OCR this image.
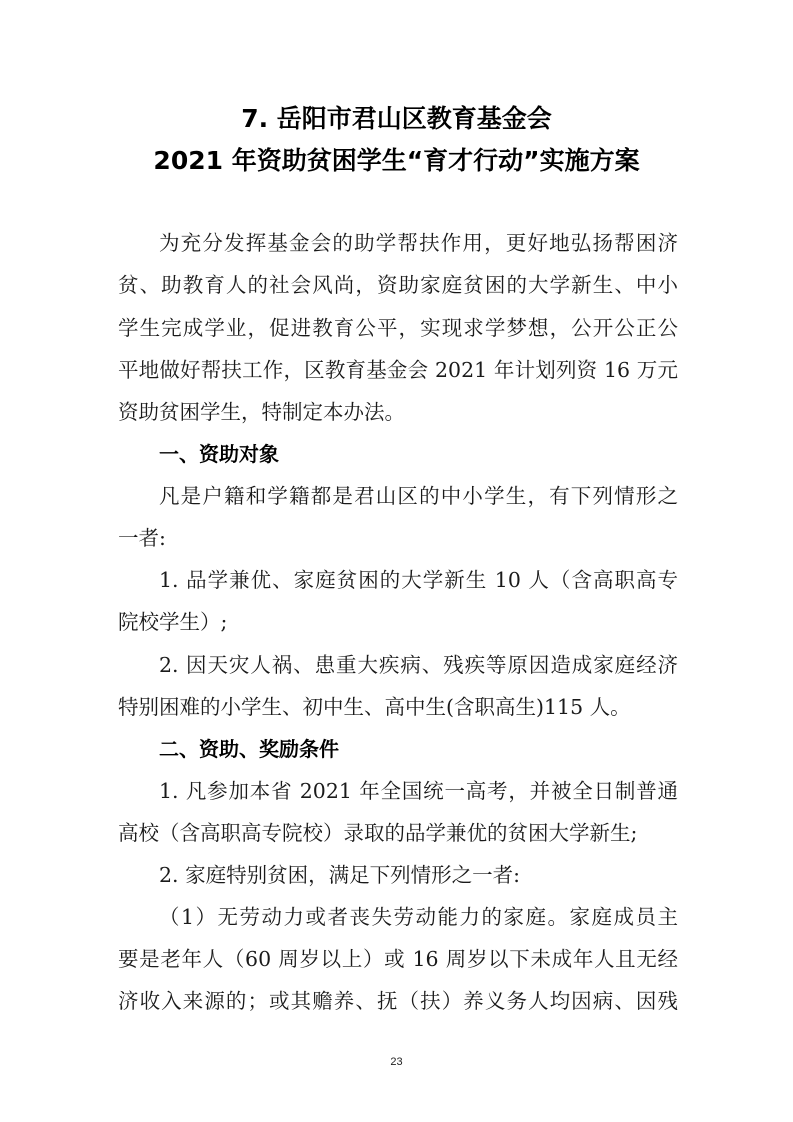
7. 岳阳市君山区教育基金会
2021 年资助贫困学生“育才行动”实施方案
为充分发挥基金会的助学帮扶作用，更好地弘扬帮困济
贫、助教育人的社会风尚，资助家庭贫困的大学新生、中小
学生完成学业，促进教育公平，实现求学梦想，公开公正公
平地做好帮扶工作，区教育基金会 2021 年计划列资 16 万元
资助贫困学生，特制定本办法。
一、资助对象
凡是户籍和学籍都是君山区的中小学生，有下列情形之
一者:
1. 品学兼优、家庭贫困的大学新生 10 人（含高职高专
院校学生）;
2. 因天灾人祸、患重大疾病、残疾等原因造成家庭经济
特别困难的小学生、初中生、高中生(含职高生)115 人。
二、资助、奖励条件
1. 凡参加本省 2021 年全国统一高考，并被全日制普通
高校（含高职高专院校）录取的品学兼优的贫困大学新生;
2. 家庭特别贫困，满足下列情形之一者:
（1）无劳动力或者丧失劳动能力的家庭。家庭成员主
要是老年人（60 周岁以上）或 16 周岁以下未成年人且无经
济收入来源的；或其赡养、抚（扶）养义务人均因病、因残
23
